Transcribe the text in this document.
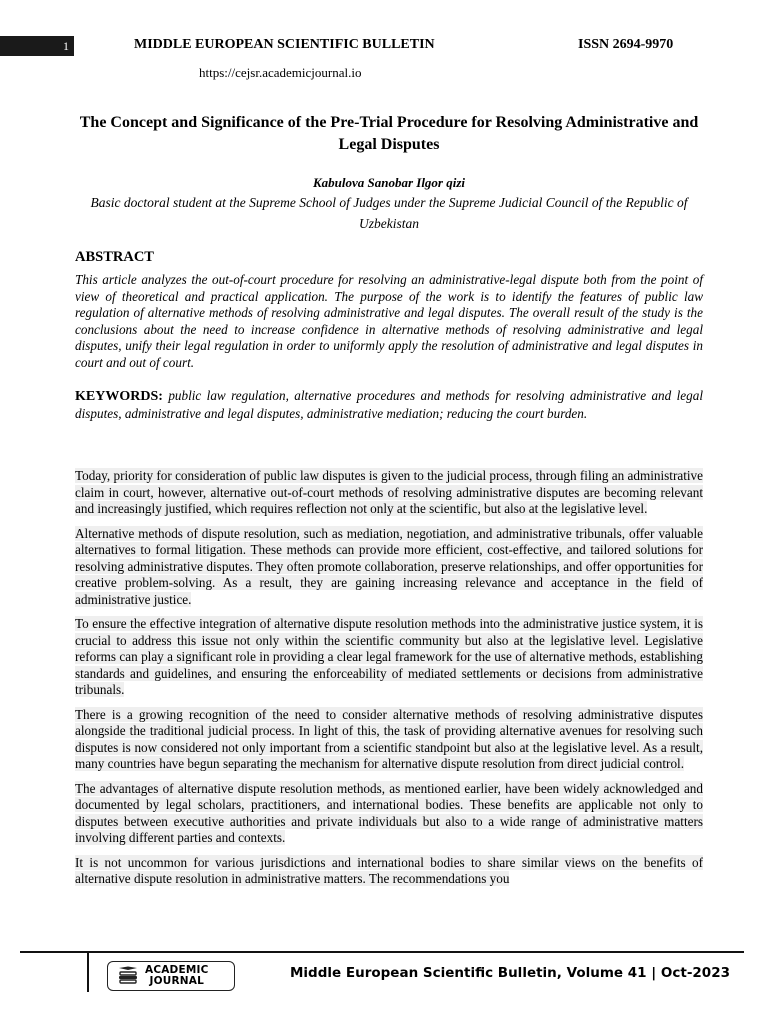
1	MIDDLE EUROPEAN SCIENTIFIC BULLETIN	ISSN 2694-9970
https://cejsr.academicjournal.io
The Concept and Significance of the Pre-Trial Procedure for Resolving Administrative and Legal Disputes
Kabulova Sanobar Ilgor qizi
Basic doctoral student at the Supreme School of Judges under the Supreme Judicial Council of the Republic of Uzbekistan
ABSTRACT
This article analyzes the out-of-court procedure for resolving an administrative-legal dispute both from the point of view of theoretical and practical application. The purpose of the work is to identify the features of public law regulation of alternative methods of resolving administrative and legal disputes. The overall result of the study is the conclusions about the need to increase confidence in alternative methods of resolving administrative and legal disputes, unify their legal regulation in order to uniformly apply the resolution of administrative and legal disputes in court and out of court.
KEYWORDS: public law regulation, alternative procedures and methods for resolving administrative and legal disputes, administrative and legal disputes, administrative mediation; reducing the court burden.

Today, priority for consideration of public law disputes is given to the judicial process, through filing an administrative claim in court, however, alternative out-of-court methods of resolving administrative disputes are becoming relevant and increasingly justified, which requires reflection not only at the scientific, but also at the legislative level.

Alternative methods of dispute resolution, such as mediation, negotiation, and administrative tribunals, offer valuable alternatives to formal litigation. These methods can provide more efficient, cost-effective, and tailored solutions for resolving administrative disputes. They often promote collaboration, preserve relationships, and offer opportunities for creative problem-solving. As a result, they are gaining increasing relevance and acceptance in the field of administrative justice.

To ensure the effective integration of alternative dispute resolution methods into the administrative justice system, it is crucial to address this issue not only within the scientific community but also at the legislative level. Legislative reforms can play a significant role in providing a clear legal framework for the use of alternative methods, establishing standards and guidelines, and ensuring the enforceability of mediated settlements or decisions from administrative tribunals.

There is a growing recognition of the need to consider alternative methods of resolving administrative disputes alongside the traditional judicial process. In light of this, the task of providing alternative avenues for resolving such disputes is now considered not only important from a scientific standpoint but also at the legislative level. As a result, many countries have begun separating the mechanism for alternative dispute resolution from direct judicial control.

The advantages of alternative dispute resolution methods, as mentioned earlier, have been widely acknowledged and documented by legal scholars, practitioners, and international bodies. These benefits are applicable not only to disputes between executive authorities and private individuals but also to a wide range of administrative matters involving different parties and contexts.

It is not uncommon for various jurisdictions and international bodies to share similar views on the benefits of alternative dispute resolution in administrative matters. The recommendations you

ACADEMIC
JOURNAL	Middle European Scientific Bulletin, Volume 41 | Oct-2023
